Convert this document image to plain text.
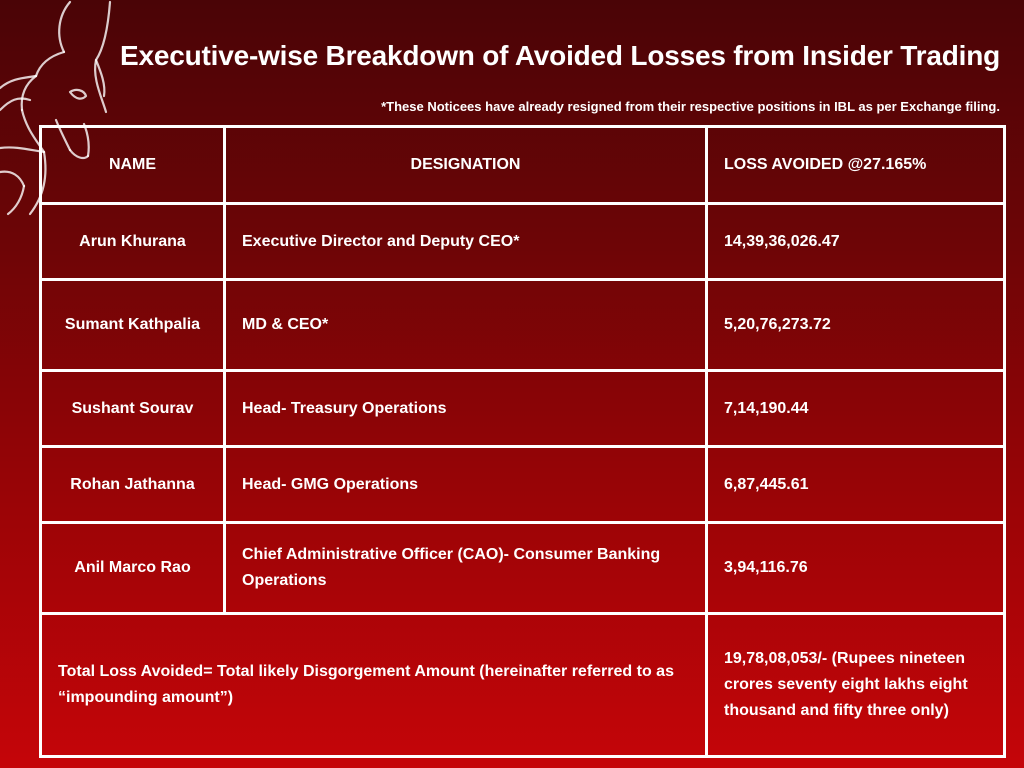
Executive-wise Breakdown of Avoided Losses from Insider Trading
*These Noticees have already resigned from their respective positions in IBL as per Exchange filing.
NAME	DESIGNATION	LOSS AVOIDED @27.165%
Arun Khurana	Executive Director and Deputy CEO*	14,39,36,026.47
Sumant Kathpalia	MD & CEO*	5,20,76,273.72
Sushant Sourav	Head- Treasury Operations	7,14,190.44
Rohan Jathanna	Head- GMG Operations	6,87,445.61
Anil Marco Rao	Chief Administrative Officer (CAO)- Consumer Banking Operations	3,94,116.76
Total Loss Avoided= Total likely Disgorgement Amount (hereinafter referred to as “impounding amount”)		19,78,08,053/- (Rupees nineteen crores seventy eight lakhs eight thousand and fifty three only)
